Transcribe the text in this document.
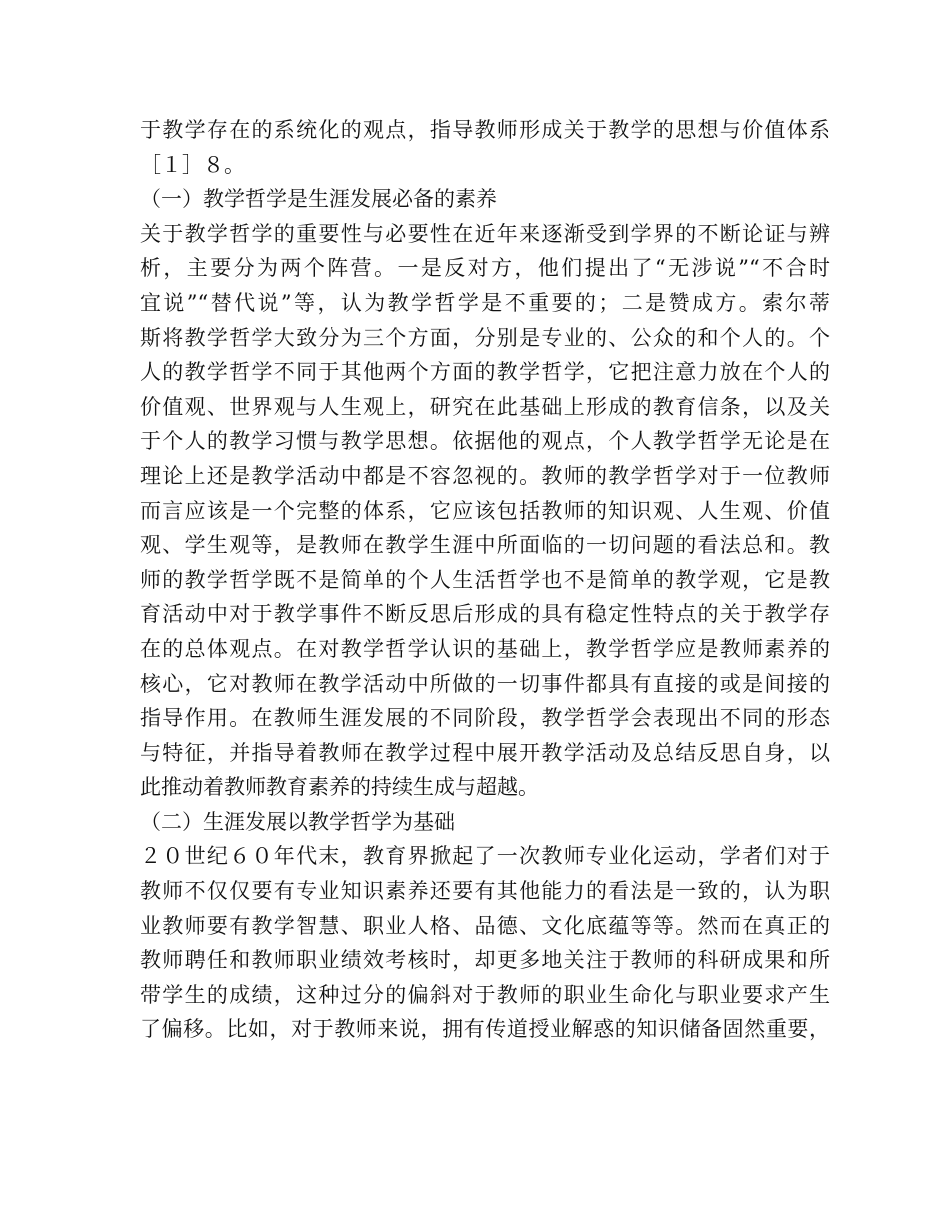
于教学存在的系统化的观点，指导教师形成关于教学的思想与价值体系
［１］８。
（一）教学哲学是生涯发展必备的素养
关于教学哲学的重要性与必要性在近年来逐渐受到学界的不断论证与辨
析，主要分为两个阵营。一是反对方，他们提出了“无涉说”“不合时
宜说”“替代说”等，认为教学哲学是不重要的；二是赞成方。索尔蒂
斯将教学哲学大致分为三个方面，分别是专业的、公众的和个人的。个
人的教学哲学不同于其他两个方面的教学哲学，它把注意力放在个人的
价值观、世界观与人生观上，研究在此基础上形成的教育信条，以及关
于个人的教学习惯与教学思想。依据他的观点，个人教学哲学无论是在
理论上还是教学活动中都是不容忽视的。教师的教学哲学对于一位教师
而言应该是一个完整的体系，它应该包括教师的知识观、人生观、价值
观、学生观等，是教师在教学生涯中所面临的一切问题的看法总和。教
师的教学哲学既不是简单的个人生活哲学也不是简单的教学观，它是教
育活动中对于教学事件不断反思后形成的具有稳定性特点的关于教学存
在的总体观点。在对教学哲学认识的基础上，教学哲学应是教师素养的
核心，它对教师在教学活动中所做的一切事件都具有直接的或是间接的
指导作用。在教师生涯发展的不同阶段，教学哲学会表现出不同的形态
与特征，并指导着教师在教学过程中展开教学活动及总结反思自身，以
此推动着教师教育素养的持续生成与超越。
（二）生涯发展以教学哲学为基础
２０世纪６０年代末，教育界掀起了一次教师专业化运动，学者们对于
教师不仅仅要有专业知识素养还要有其他能力的看法是一致的，认为职
业教师要有教学智慧、职业人格、品德、文化底蕴等等。然而在真正的
教师聘任和教师职业绩效考核时，却更多地关注于教师的科研成果和所
带学生的成绩，这种过分的偏斜对于教师的职业生命化与职业要求产生
了偏移。比如，对于教师来说，拥有传道授业解惑的知识储备固然重要，
